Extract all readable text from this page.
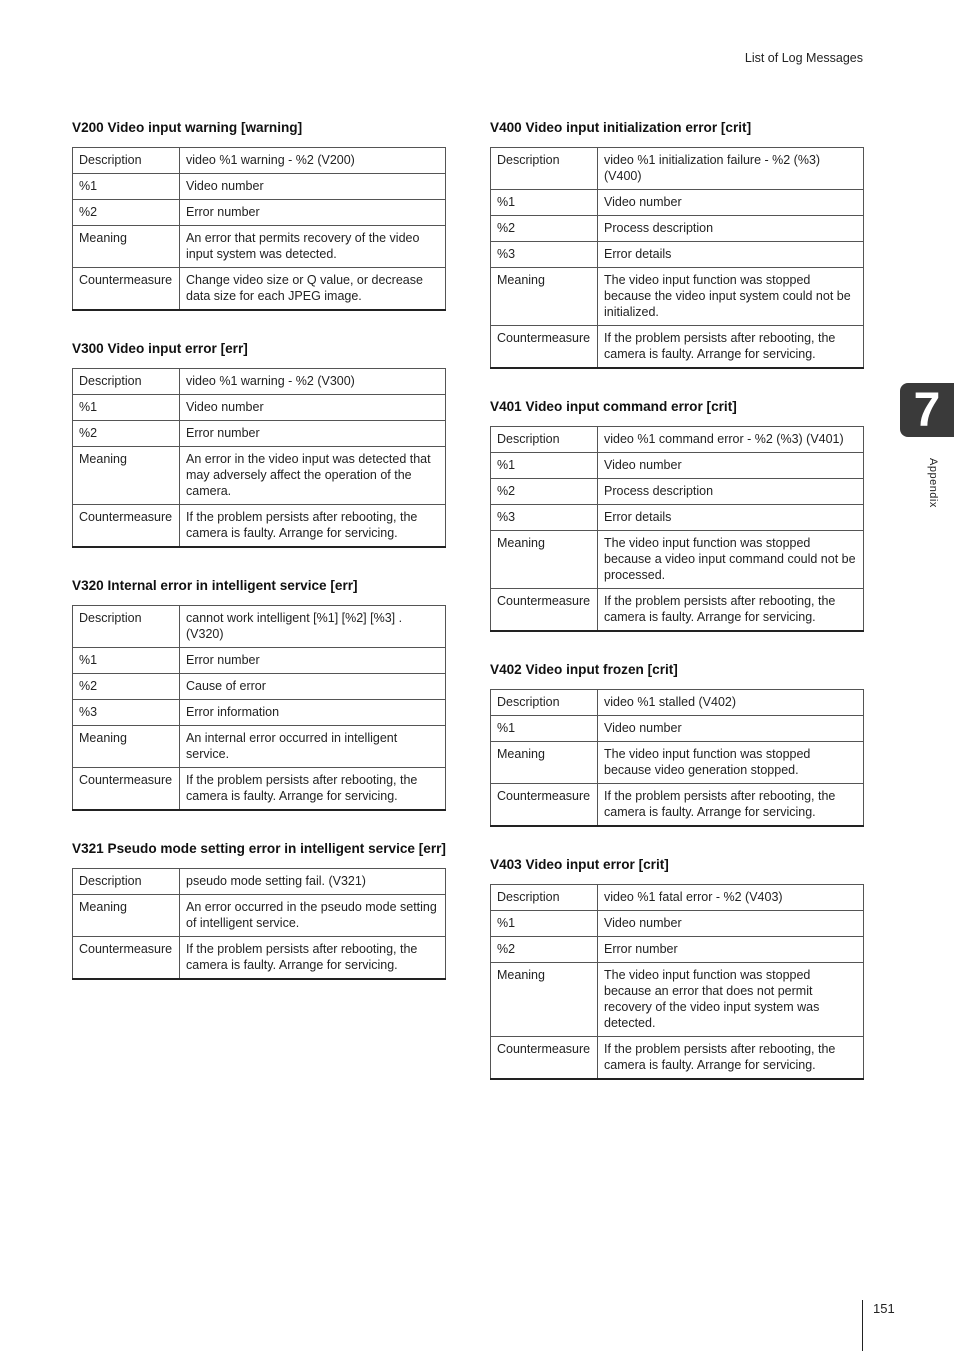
List of Log Messages
V200 Video input warning [warning]
Description	video %1 warning - %2 (V200)
%1	Video number
%2	Error number
Meaning	An error that permits recovery of the video input system was detected.
Countermeasure	Change video size or Q value, or decrease data size for each JPEG image.
V300 Video input error [err]
Description	video %1 warning - %2 (V300)
%1	Video number
%2	Error number
Meaning	An error in the video input was detected that may adversely affect the operation of the camera.
Countermeasure	If the problem persists after rebooting, the camera is faulty. Arrange for servicing.
V320 Internal error in intelligent service [err]
Description	cannot work intelligent [%1] [%2] [%3] . (V320)
%1	Error number
%2	Cause of error
%3	Error information
Meaning	An internal error occurred in intelligent service.
Countermeasure	If the problem persists after rebooting, the camera is faulty. Arrange for servicing.
V321 Pseudo mode setting error in intelligent service [err]
Description	pseudo mode setting fail. (V321)
Meaning	An error occurred in the pseudo mode setting of intelligent service.
Countermeasure	If the problem persists after rebooting, the camera is faulty. Arrange for servicing.
V400 Video input initialization error [crit]
Description	video %1 initialization failure - %2 (%3) (V400)
%1	Video number
%2	Process description
%3	Error details
Meaning	The video input function was stopped because the video input system could not be initialized.
Countermeasure	If the problem persists after rebooting, the camera is faulty. Arrange for servicing.
V401 Video input command error [crit]
Description	video %1 command error - %2 (%3) (V401)
%1	Video number
%2	Process description
%3	Error details
Meaning	The video input function was stopped because a video input command could not be processed.
Countermeasure	If the problem persists after rebooting, the camera is faulty. Arrange for servicing.
V402 Video input frozen [crit]
Description	video %1 stalled (V402)
%1	Video number
Meaning	The video input function was stopped because video generation stopped.
Countermeasure	If the problem persists after rebooting, the camera is faulty. Arrange for servicing.
V403 Video input error [crit]
Description	video %1 fatal error - %2 (V403)
%1	Video number
%2	Error number
Meaning	The video input function was stopped because an error that does not permit recovery of the video input system was detected.
Countermeasure	If the problem persists after rebooting, the camera is faulty. Arrange for servicing.
7
Appendix
151
